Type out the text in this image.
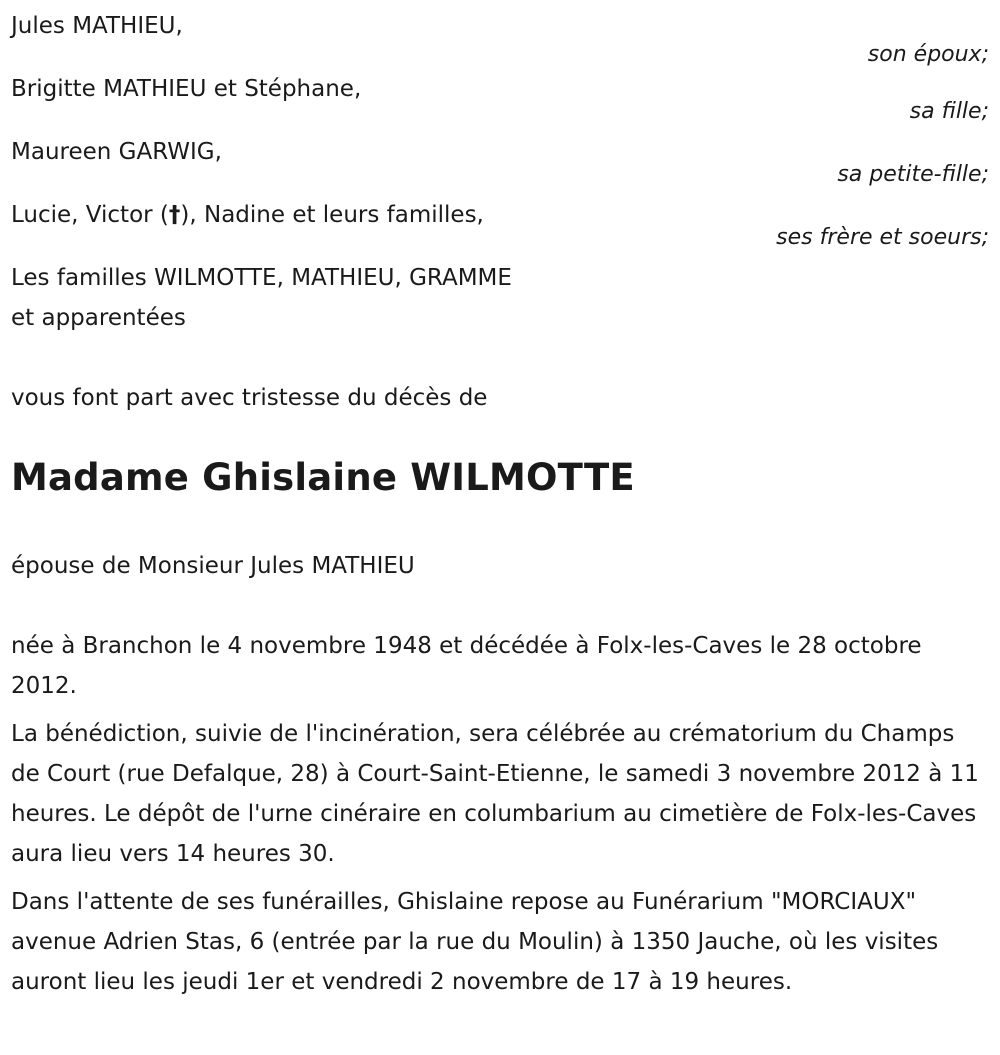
Jules MATHIEU,
son époux;
Brigitte MATHIEU et Stéphane,
sa fille;
Maureen GARWIG,
sa petite-fille;
Lucie, Victor (†), Nadine et leurs familles,
ses frère et soeurs;
Les familles WILMOTTE, MATHIEU, GRAMME
et apparentées
vous font part avec tristesse du décès de
Madame Ghislaine WILMOTTE
épouse de Monsieur Jules MATHIEU

née à Branchon le 4 novembre 1948 et décédée à Folx-les-Caves le 28 octobre 2012.

La bénédiction, suivie de l'incinération, sera célébrée au crématorium du Champs de Court (rue Defalque, 28) à Court-Saint-Etienne, le samedi 3 novembre 2012 à 11 heures. Le dépôt de l'urne cinéraire en columbarium au cimetière de Folx-les-Caves aura lieu vers 14 heures 30.

Dans l'attente de ses funérailles, Ghislaine repose au Funérarium "MORCIAUX" avenue Adrien Stas, 6 (entrée par la rue du Moulin) à 1350 Jauche, où les visites auront lieu les jeudi 1er et vendredi 2 novembre de 17 à 19 heures.
